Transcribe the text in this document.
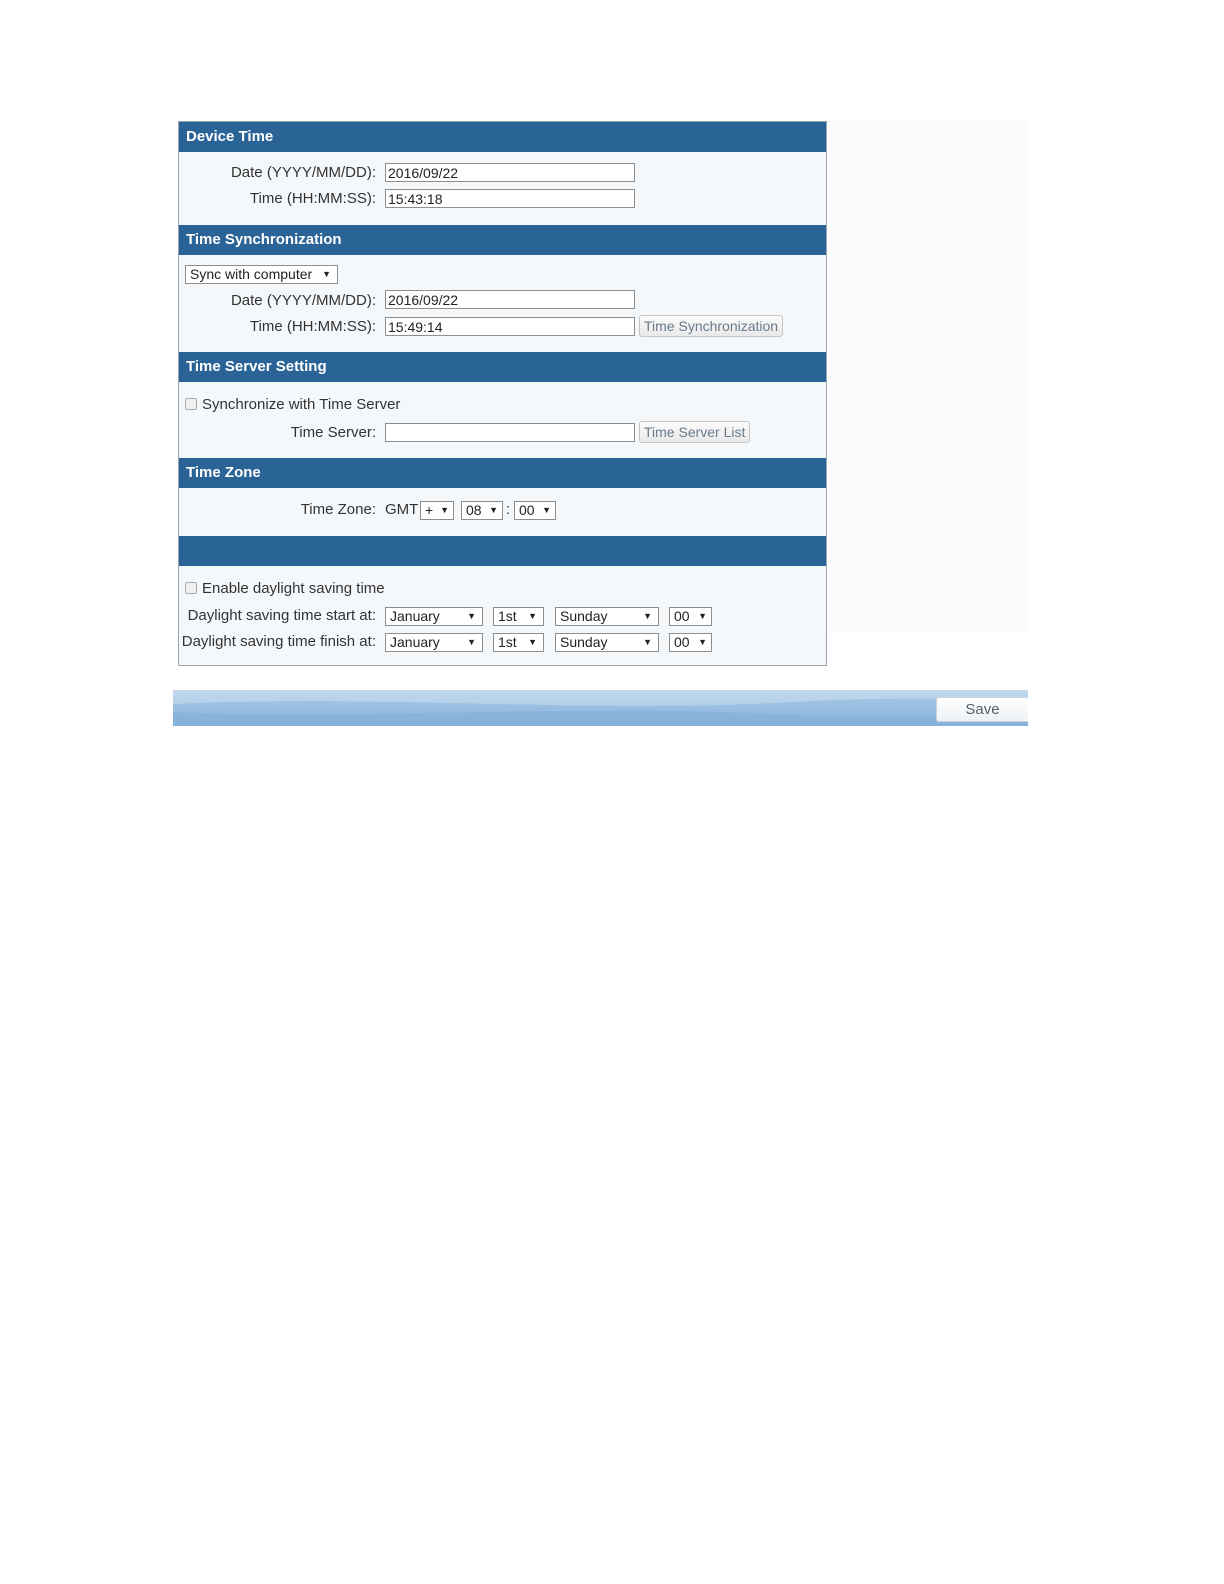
Device Time
Date (YYYY/MM/DD):
2016/09/22
Time (HH:MM:SS):
15:43:18
Time Synchronization
Sync with computer ▼
Date (YYYY/MM/DD):
2016/09/22
Time (HH:MM:SS):
15:49:14	Time Synchronization
Time Server Setting
Synchronize with Time Server
Time Server:	Time Server List
Time Zone
Time Zone: GMT + ▼	08 ▼ : 00 ▼
Enable daylight saving time
Daylight saving time start at:	January	▼	1st ▼	Sunday	▼	00 ▼
Daylight saving time finish at:	January	▼	1st ▼	Sunday	▼	00 ▼
Save
